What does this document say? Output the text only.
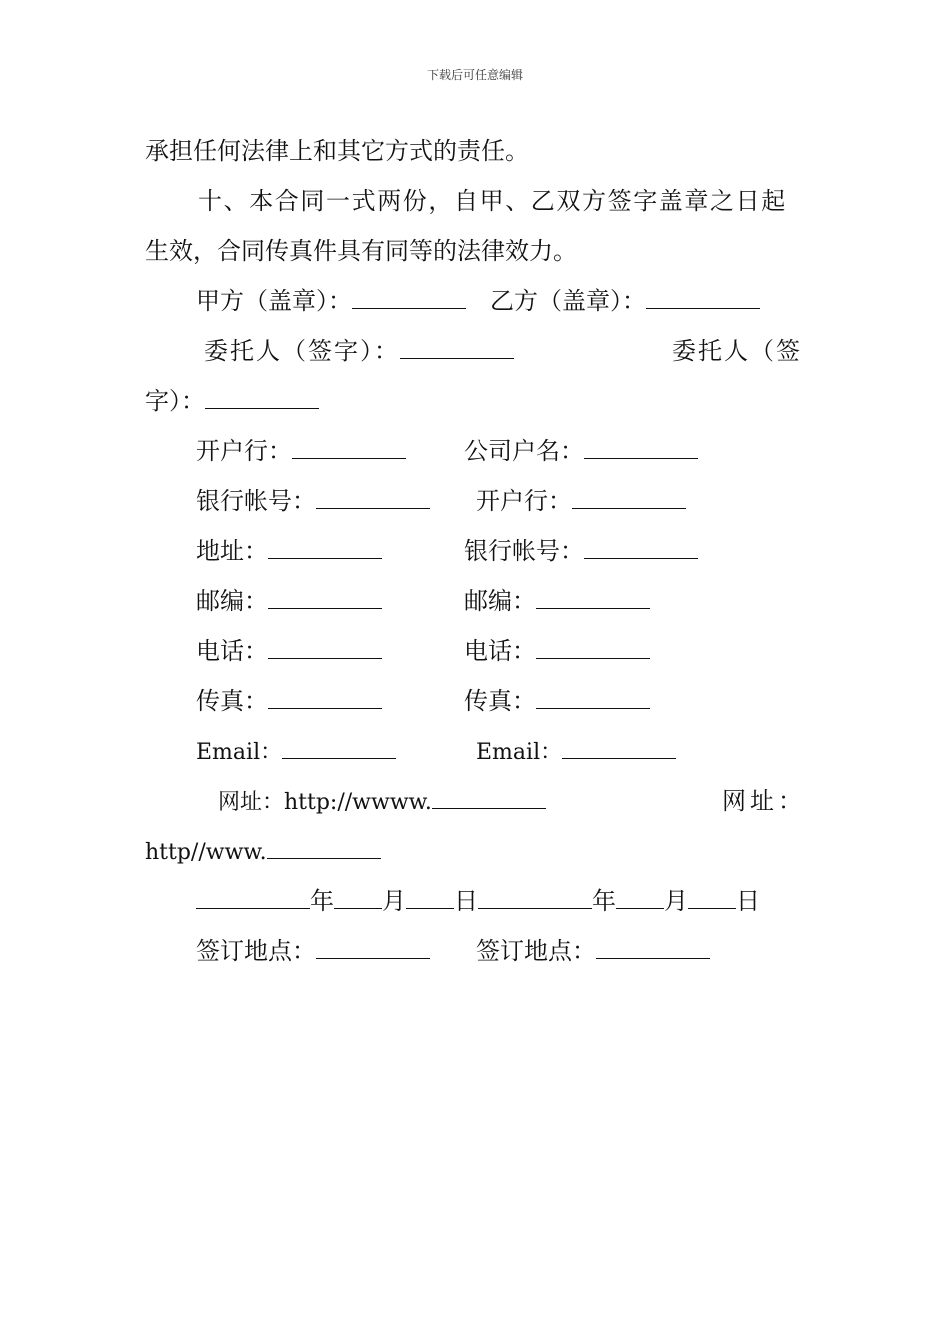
下载后可任意编辑
承担任何法律上和其它方式的责任。
十、本合同一式两份，自甲、乙双方签字盖章之日起
生效，合同传真件具有同等的法律效力。
甲方（盖章）：	乙方（盖章）：
委托人（签字）：	委托人（签
字）：
开户行：	公司户名：
银行帐号：	开户行：
地址：	银行帐号：
邮编：	邮编：
电话：	电话：
传真：	传真：
Email：	Email：
网址：http://wwww.	网址：
http//www.
年 月 日	年 月 日
签订地点：	签订地点：
